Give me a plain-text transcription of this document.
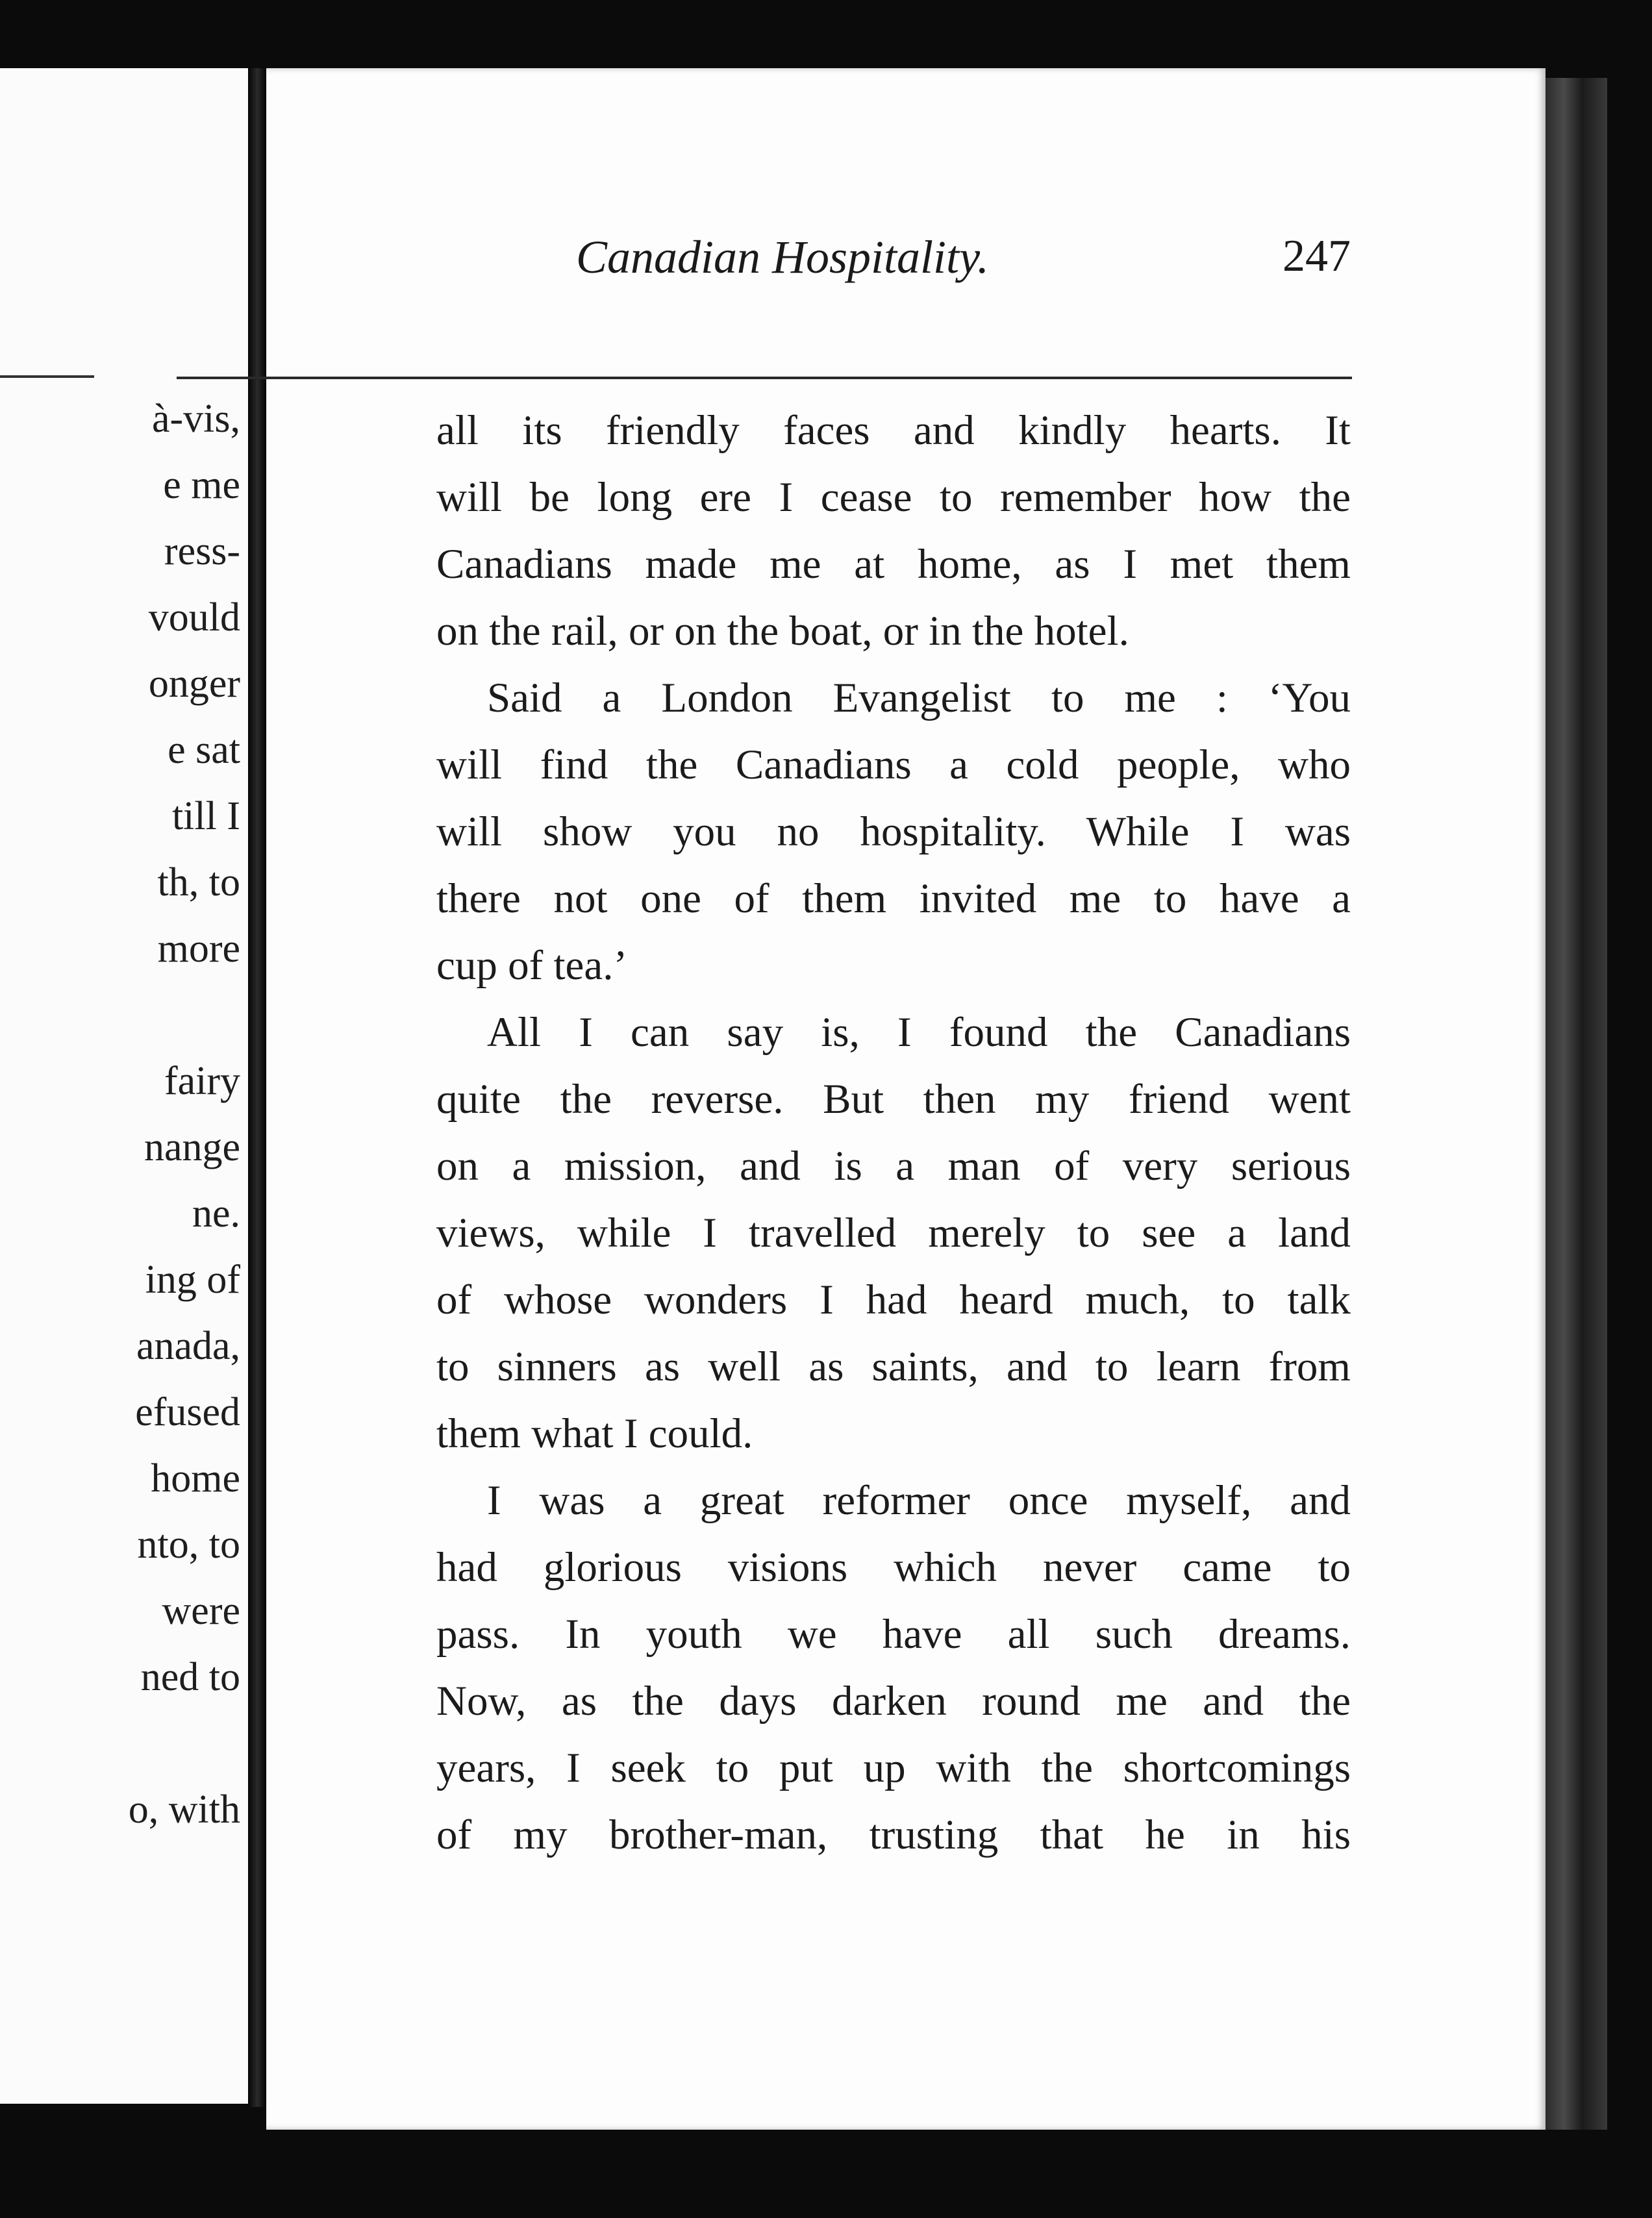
à-vis,
e me
ress-
vould
onger
e sat
till I
th, to
more
fairy
nange
ne.
ing of
anada,
efused
home
nto, to
were
ned to
o, with
Canadian Hospitality.	247
all its friendly faces and kindly hearts. It
will be long ere I cease to remember how the
Canadians made me at home, as I met them
on the rail, or on the boat, or in the hotel.
Said a London Evangelist to me : ‘You
will find the Canadians a cold people, who
will show you no hospitality. While I was
there not one of them invited me to have a
cup of tea.’
All I can say is, I found the Canadians
quite the reverse. But then my friend went
on a mission, and is a man of very serious
views, while I travelled merely to see a land
of whose wonders I had heard much, to talk
to sinners as well as saints, and to learn from
them what I could.
I was a great reformer once myself, and
had glorious visions which never came to
pass. In youth we have all such dreams.
Now, as the days darken round me and the
years, I seek to put up with the shortcomings
of my brother-man, trusting that he in his
